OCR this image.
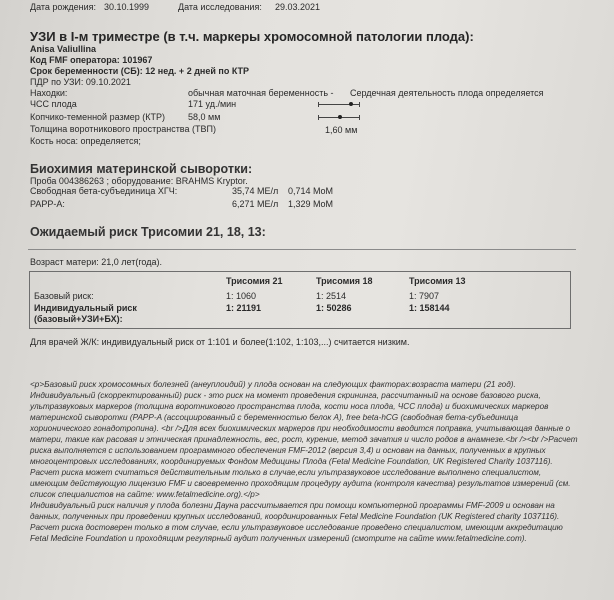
Дата рождения: 30.10.1999	Дата исследования: 29.03.2021
УЗИ в I-м триместре (в т.ч. маркеры хромосомной патологии плода):
Anisa Valiullina
Код FMF оператора: 101967
Срок беременности (СБ): 12 нед. + 2 дней по КТР
ПДР по УЗИ: 09.10.2021
Находки:	обычная маточная беременность - Сердечная деятельность плода определяется
ЧСС плода	171 уд./мин
Копчико-теменной размер (КТР)	58,0 мм
Толщина воротникового пространства (ТВП)	1,60 мм
Кость носа: определяется;
Биохимия материнской сыворотки:
Проба 004386263 ; оборудование: BRAHMS Kryptor.
Свободная бета-субъединица ХГЧ:	35,74 МЕ/л 0,714 MoM
PAPP-A:	6,271 МЕ/л 1,329 MoM
Ожидаемый риск Трисомии 21, 18, 13:
Возраст матери: 21,0 лет(года).
Трисомия 21	Трисомия 18	Трисомия 13
Базовый риск:	1: 1060	1: 2514	1: 7907
Индивидуальный риск
(базовый+УЗИ+БХ):
1: 21191	1: 50286	1: 158144
Для врачей Ж/К: индивидуальный риск от 1:101 и более(1:102, 1:103,...) считается низким.
<p>Базовый риск хромосомных болезней (анеуплоидий) у плода основан на следующих факторах:возраста матери (21 год).
Индивидуальный (скорректированный) риск - это риск на момент проведения скрининга, рассчитанный на основе базового риска,
ультразвуковых маркеров (толщина воротникового пространства плода, кости носа плода, ЧСС плода) и биохимических маркеров
материнской сыворотки (PAPP-A (ассоциированный с беременностью белок А), free beta-hCG (свободная бета-субъединица
хорионического гонадотропина). <br />Для всех биохимических маркеров при необходимости вводится поправка, учитывающая данные о
матери, такие как расовая и этническая принадлежность, вес, рост, курение, метод зачатия и число родов в анамнезе.<br /><br />Расчет
риска выполняется с использованием программного обеспечения FMF-2012 (версия 3,4) и основан на данных, полученных в крупных
многоцентровых исследованиях, координируемых Фондом Медицины Плода (Fetal Medicine Foundation, UK Registered Charity 1037116).
Расчет риска может считаться действительным только в случае,если ультразвуковое исследование выполнено специалистом,
имеющим действующую лицензию FMF и своевременно проходящим процедуру аудита (контроля качества) результатов измерений (см.
список специалистов на сайте: www.fetalmedicine.org).</p>
Индивидуальный риск наличия у плода болезни Дауна рассчитывается при помощи компьютерной программы FMF-2009 и основан на
данных, полученных при проведении крупных исследований, координированных Fetal Medicine Foundation (UK Registered charity 1037116).
Расчет риска достоверен только в том случае, если ультразвуковое исследование проведено специалистом, имеющим аккредитацию
Fetal Medicine Foundation и проходящим регулярный аудит полученных измерений (смотрите на сайте www.fetalmedicine.com).
